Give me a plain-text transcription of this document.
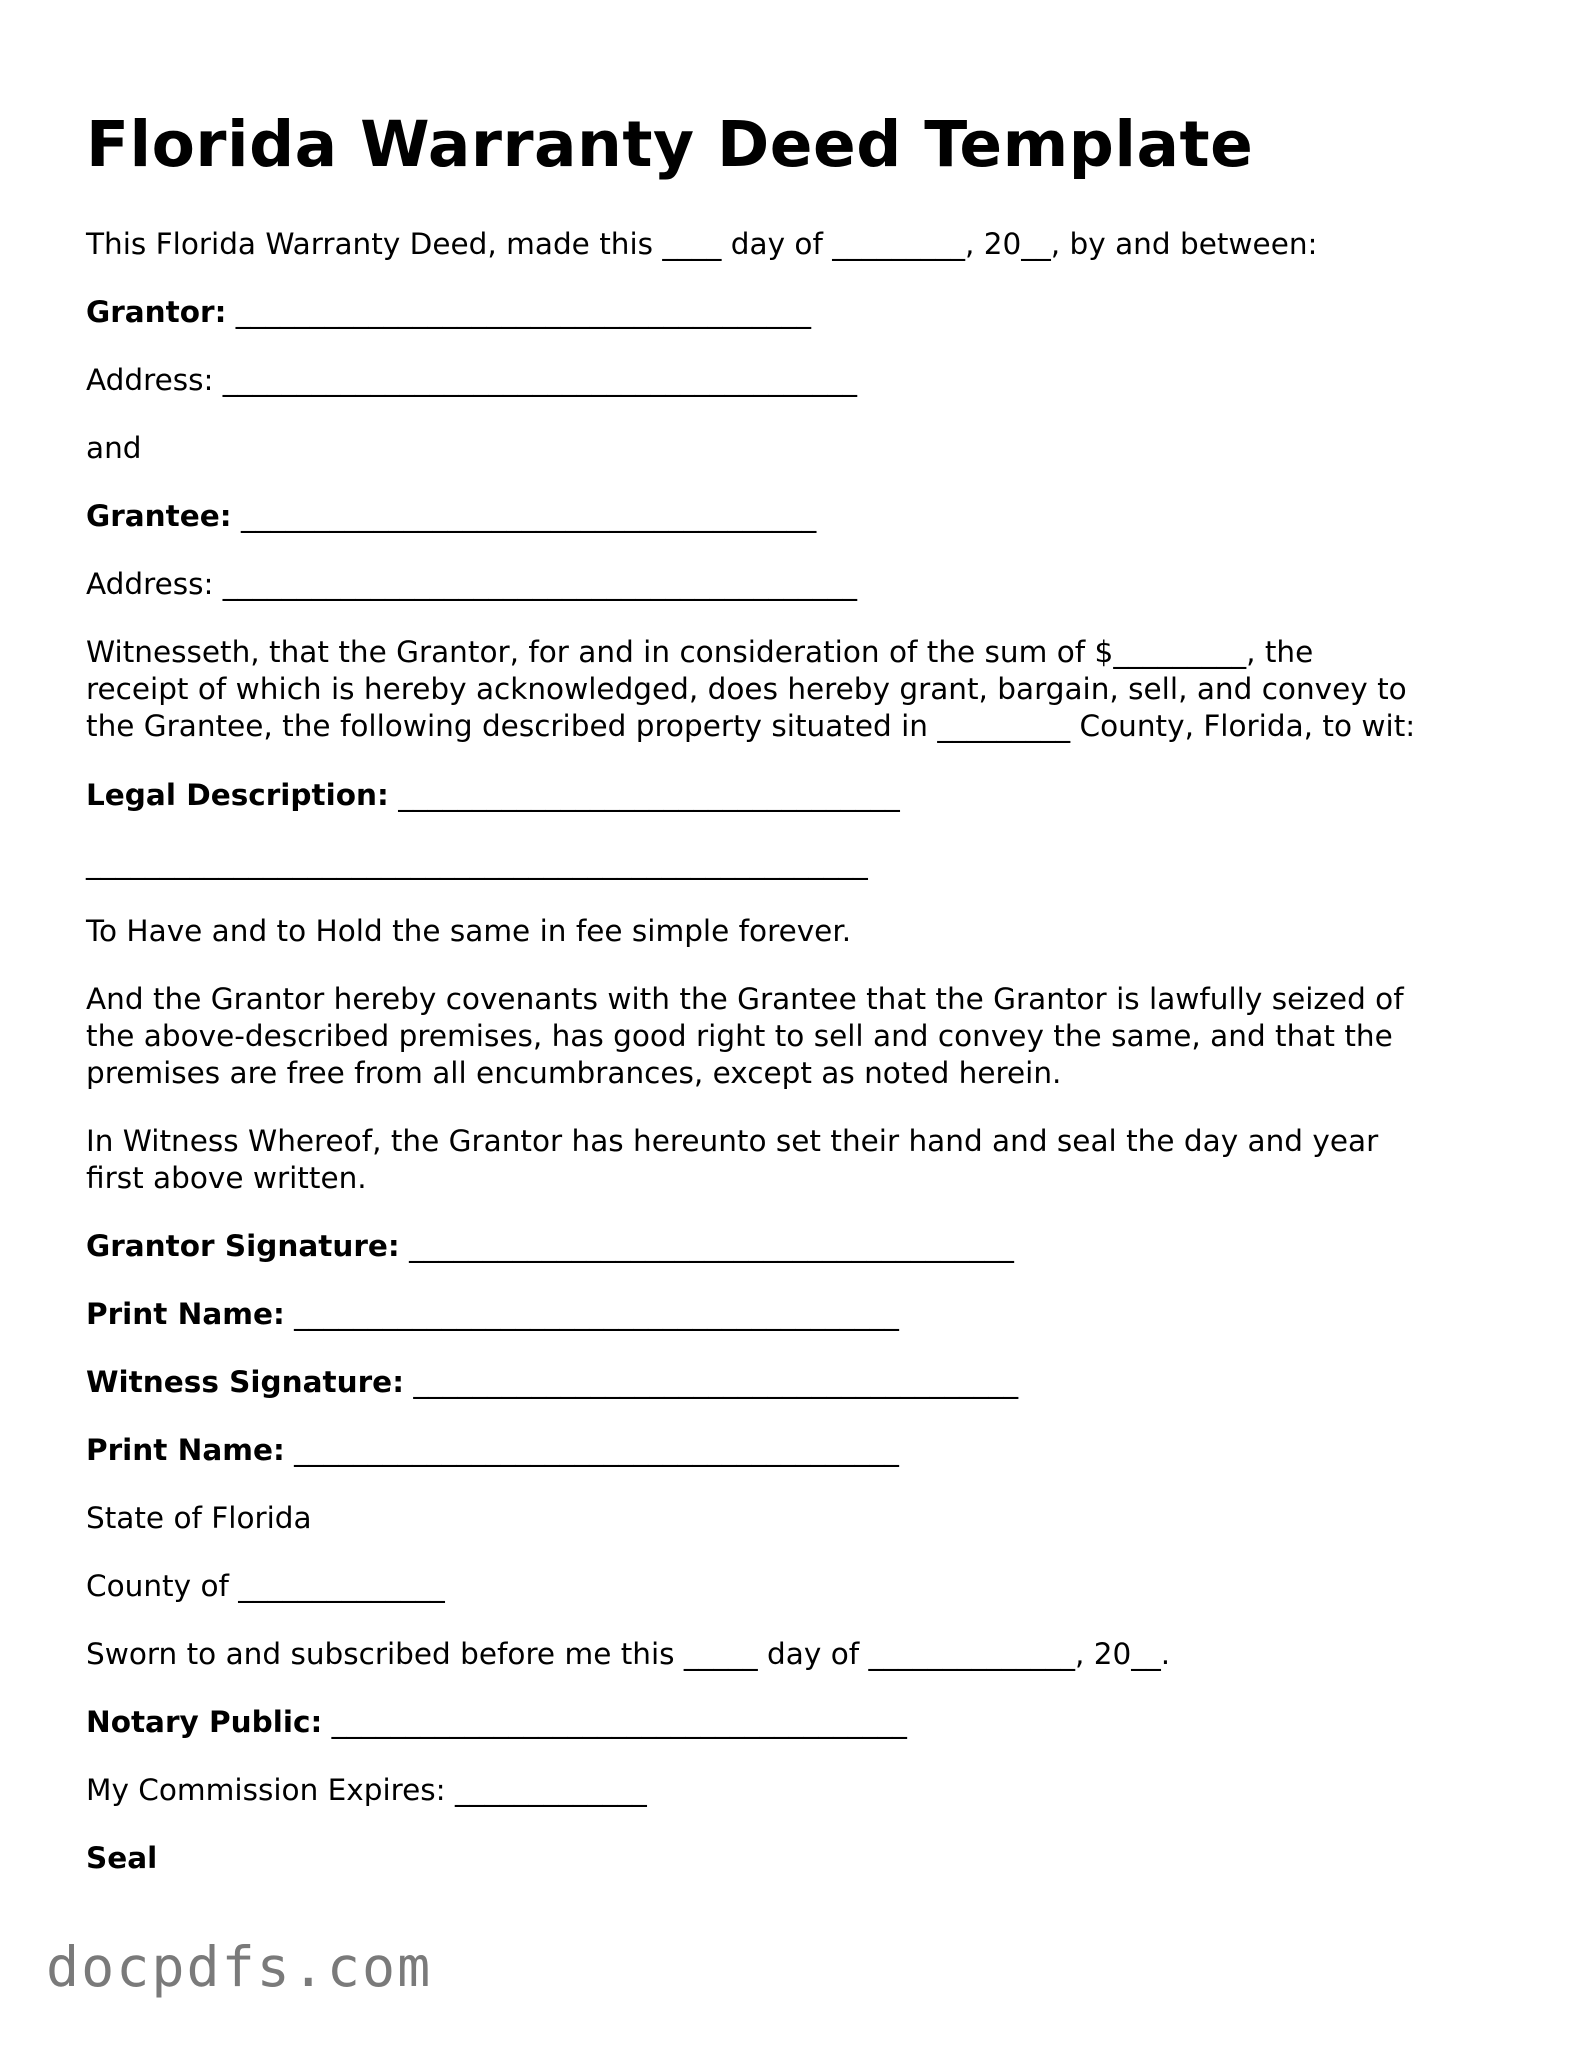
Florida Warranty Deed Template
This Florida Warranty Deed, made this ____ day of _________, 20__, by and between:
Grantor: _______________________________________
Address: ___________________________________________
and
Grantee: _______________________________________
Address: ___________________________________________
Witnesseth, that the Grantor, for and in consideration of the sum of $_________, the
receipt of which is hereby acknowledged, does hereby grant, bargain, sell, and convey to
the Grantee, the following described property situated in _________ County, Florida, to wit:
Legal Description: __________________________________
_____________________________________________________
To Have and to Hold the same in fee simple forever.
And the Grantor hereby covenants with the Grantee that the Grantor is lawfully seized of
the above-described premises, has good right to sell and convey the same, and that the
premises are free from all encumbrances, except as noted herein.
In Witness Whereof, the Grantor has hereunto set their hand and seal the day and year
first above written.
Grantor Signature: _________________________________________
Print Name: _________________________________________
Witness Signature: _________________________________________
Print Name: _________________________________________
State of Florida
County of ______________
Sworn to and subscribed before me this _____ day of ______________, 20__.
Notary Public: _______________________________________
My Commission Expires: _____________
Seal
docpdfs.com
